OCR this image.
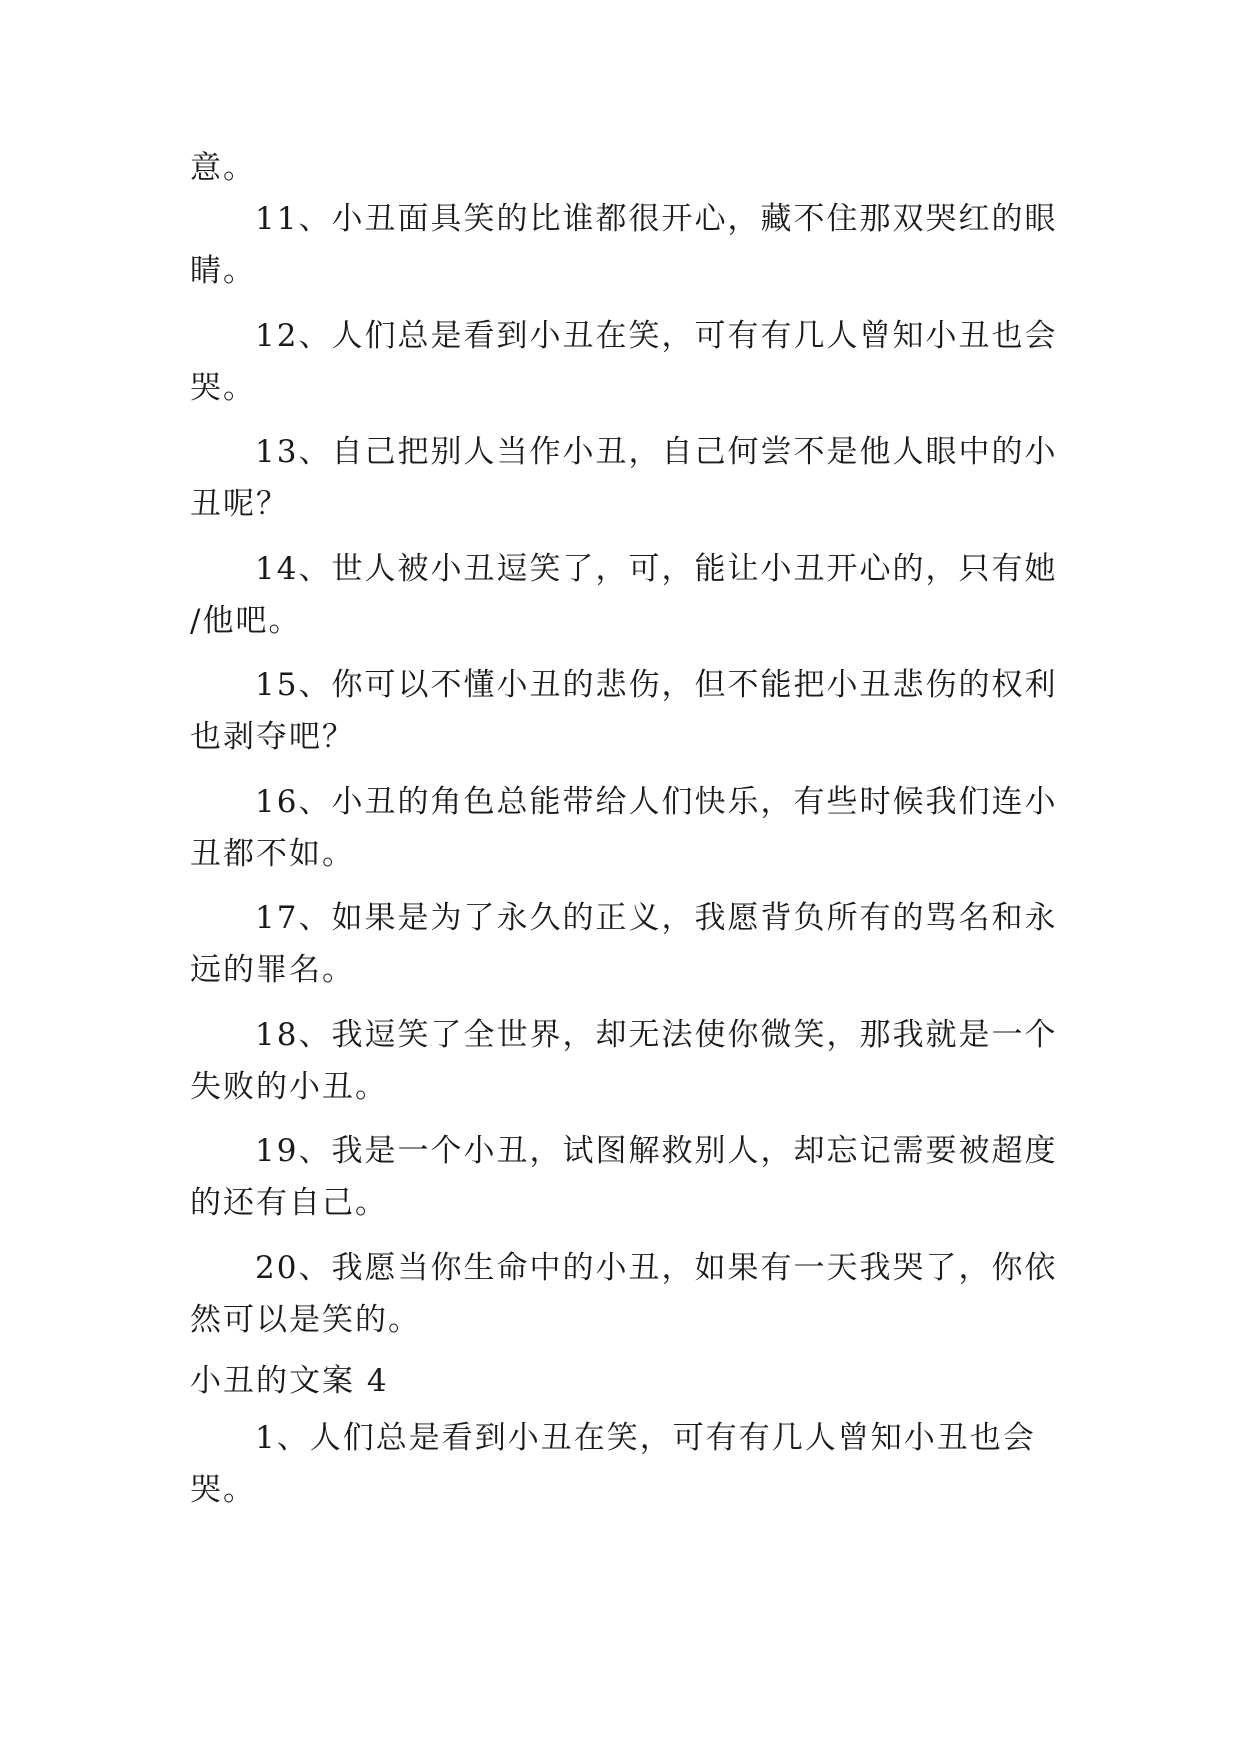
意。
11、小丑面具笑的比谁都很开心，藏不住那双哭红的眼
睛。
12、人们总是看到小丑在笑，可有有几人曾知小丑也会
哭。
13、自己把别人当作小丑，自己何尝不是他人眼中的小
丑呢？
14、世人被小丑逗笑了，可，能让小丑开心的，只有她
/他吧。
15、你可以不懂小丑的悲伤，但不能把小丑悲伤的权利
也剥夺吧？
16、小丑的角色总能带给人们快乐，有些时候我们连小
丑都不如。
17、如果是为了永久的正义，我愿背负所有的骂名和永
远的罪名。
18、我逗笑了全世界，却无法使你微笑，那我就是一个
失败的小丑。
19、我是一个小丑，试图解救别人，却忘记需要被超度
的还有自己。
20、我愿当你生命中的小丑，如果有一天我哭了，你依
然可以是笑的。
小丑的文案 4
1、人们总是看到小丑在笑，可有有几人曾知小丑也会
哭。
